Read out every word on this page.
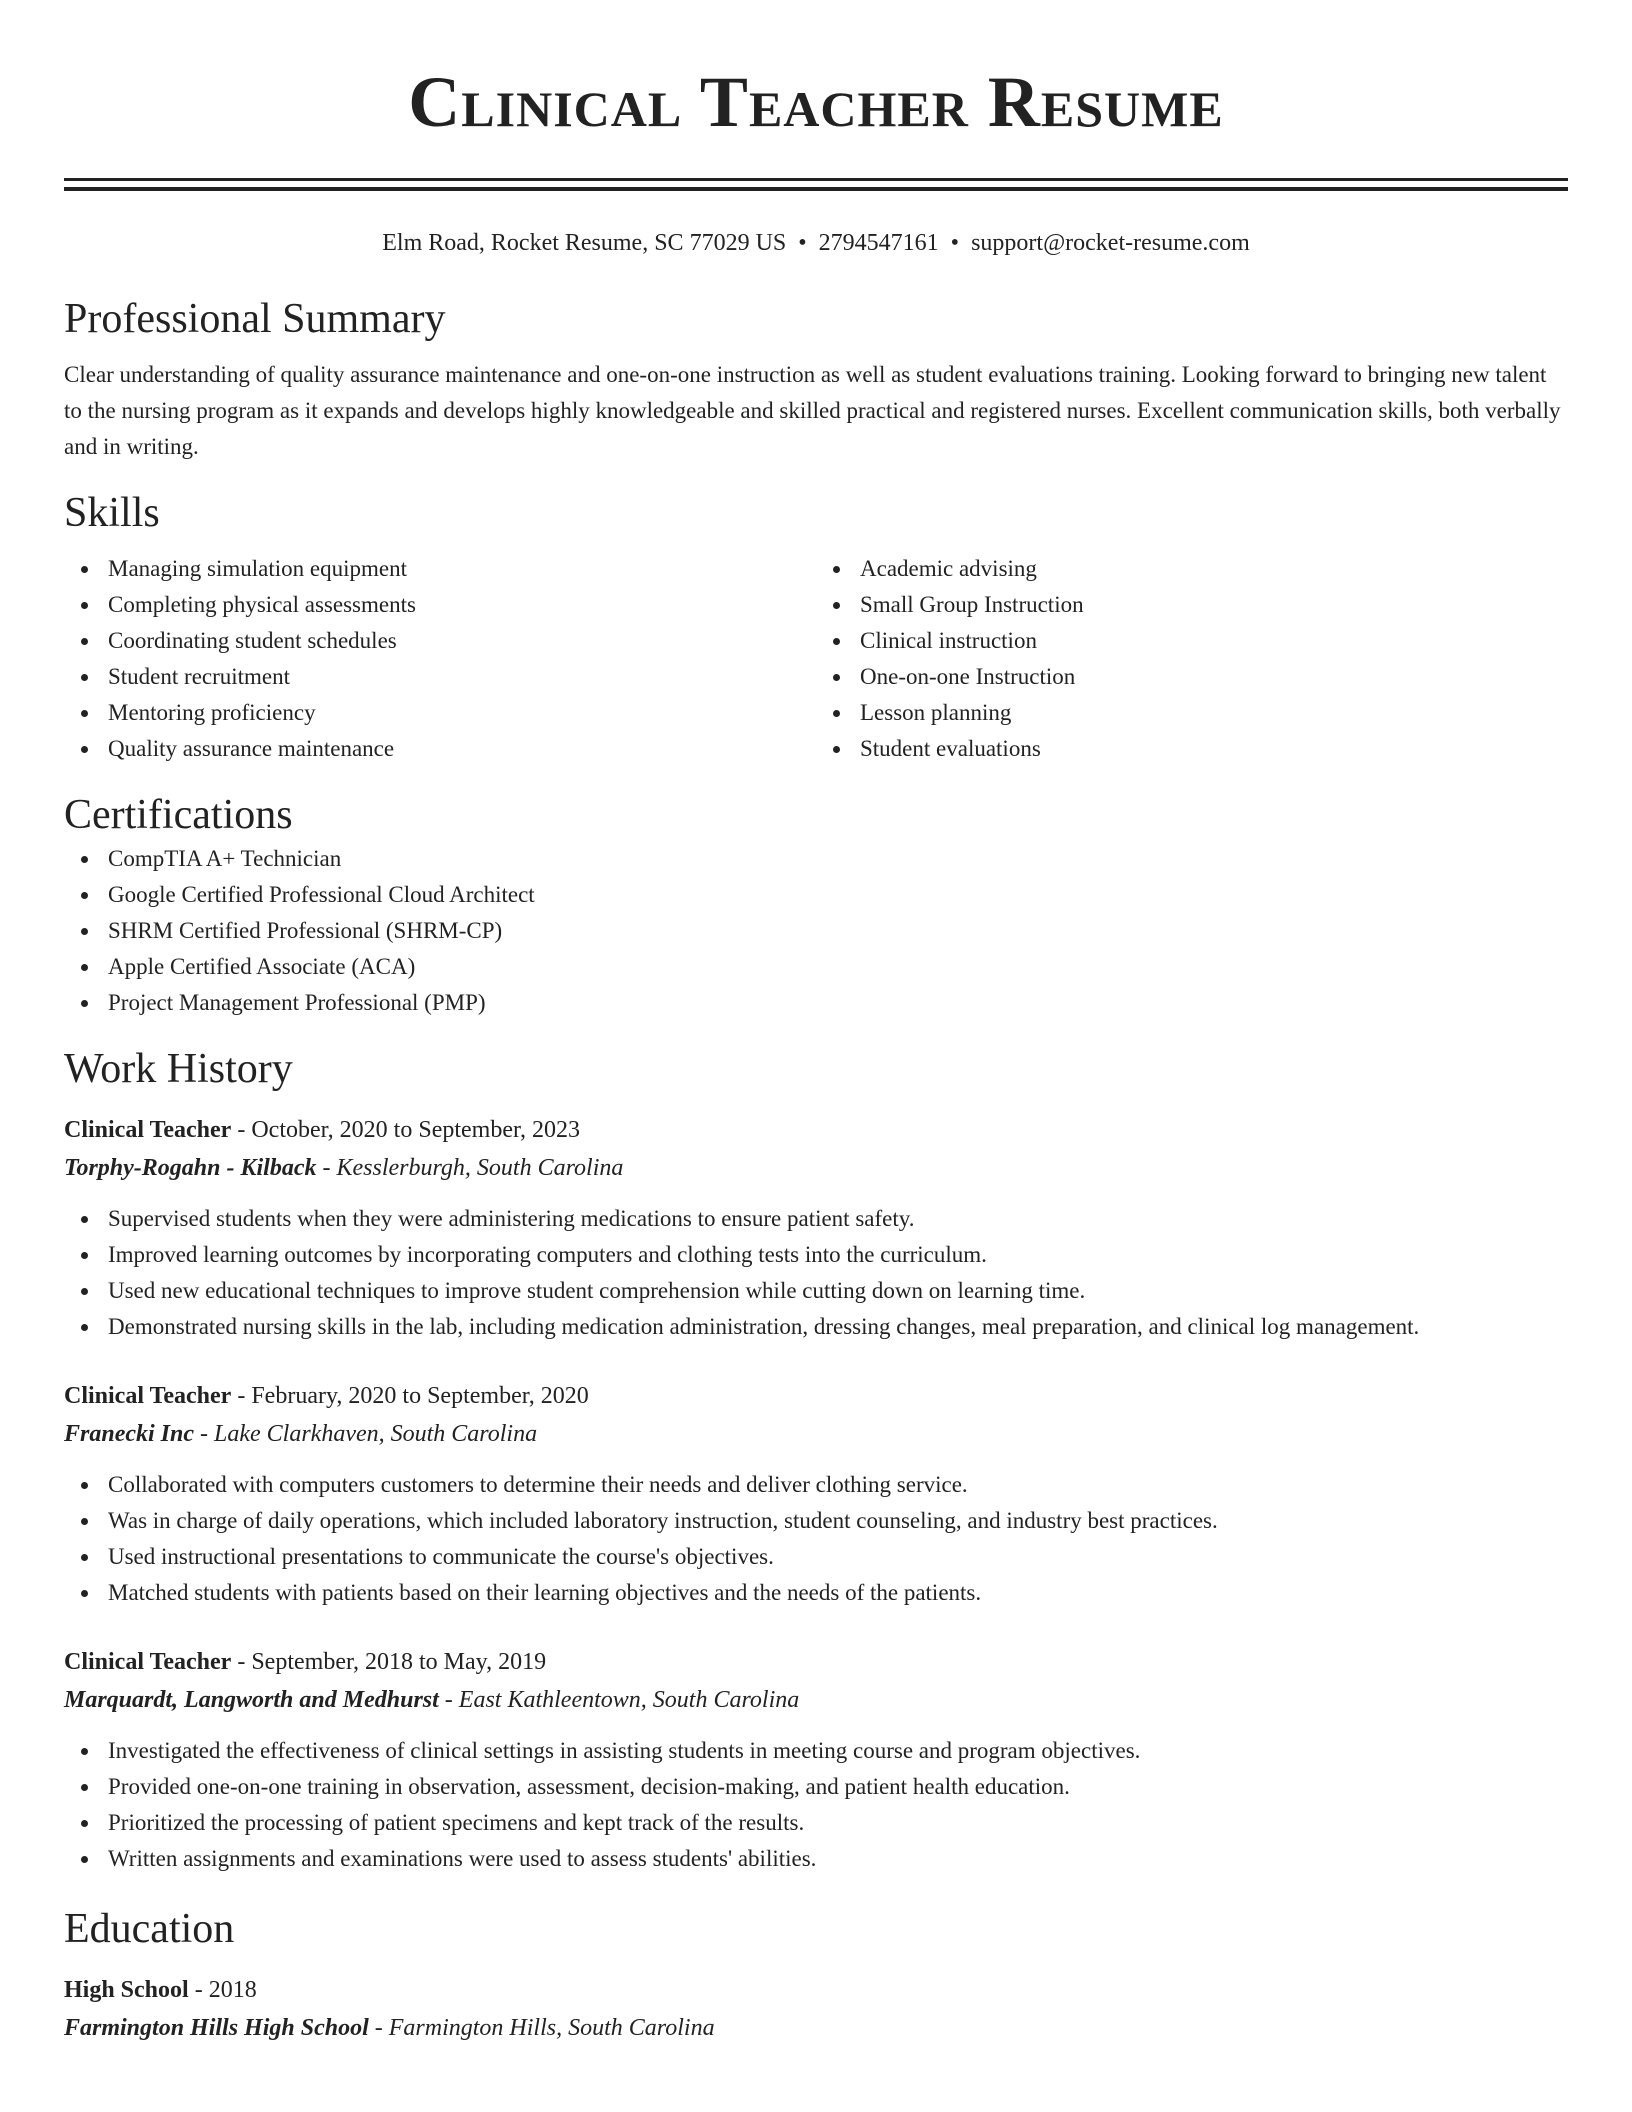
Clinical Teacher Resume
Elm Road, Rocket Resume, SC 77029 US • 2794547161 • support@rocket-resume.com
Professional Summary
Clear understanding of quality assurance maintenance and one-on-one instruction as well as student evaluations training. Looking forward to bringing new talent to the nursing program as it expands and develops highly knowledgeable and skilled practical and registered nurses. Excellent communication skills, both verbally and in writing.
Skills
Managing simulation equipment
Completing physical assessments
Coordinating student schedules
Student recruitment
Mentoring proficiency
Quality assurance maintenance
Academic advising
Small Group Instruction
Clinical instruction
One-on-one Instruction
Lesson planning
Student evaluations
Certifications
CompTIA A+ Technician
Google Certified Professional Cloud Architect
SHRM Certified Professional (SHRM-CP)
Apple Certified Associate (ACA)
Project Management Professional (PMP)
Work History
Clinical Teacher - October, 2020 to September, 2023
Torphy-Rogahn - Kilback - Kesslerburgh, South Carolina
Supervised students when they were administering medications to ensure patient safety.
Improved learning outcomes by incorporating computers and clothing tests into the curriculum.
Used new educational techniques to improve student comprehension while cutting down on learning time.
Demonstrated nursing skills in the lab, including medication administration, dressing changes, meal preparation, and clinical log management.
Clinical Teacher - February, 2020 to September, 2020
Franecki Inc - Lake Clarkhaven, South Carolina
Collaborated with computers customers to determine their needs and deliver clothing service.
Was in charge of daily operations, which included laboratory instruction, student counseling, and industry best practices.
Used instructional presentations to communicate the course's objectives.
Matched students with patients based on their learning objectives and the needs of the patients.
Clinical Teacher - September, 2018 to May, 2019
Marquardt, Langworth and Medhurst - East Kathleentown, South Carolina
Investigated the effectiveness of clinical settings in assisting students in meeting course and program objectives.
Provided one-on-one training in observation, assessment, decision-making, and patient health education.
Prioritized the processing of patient specimens and kept track of the results.
Written assignments and examinations were used to assess students' abilities.
Education
High School - 2018
Farmington Hills High School - Farmington Hills, South Carolina
